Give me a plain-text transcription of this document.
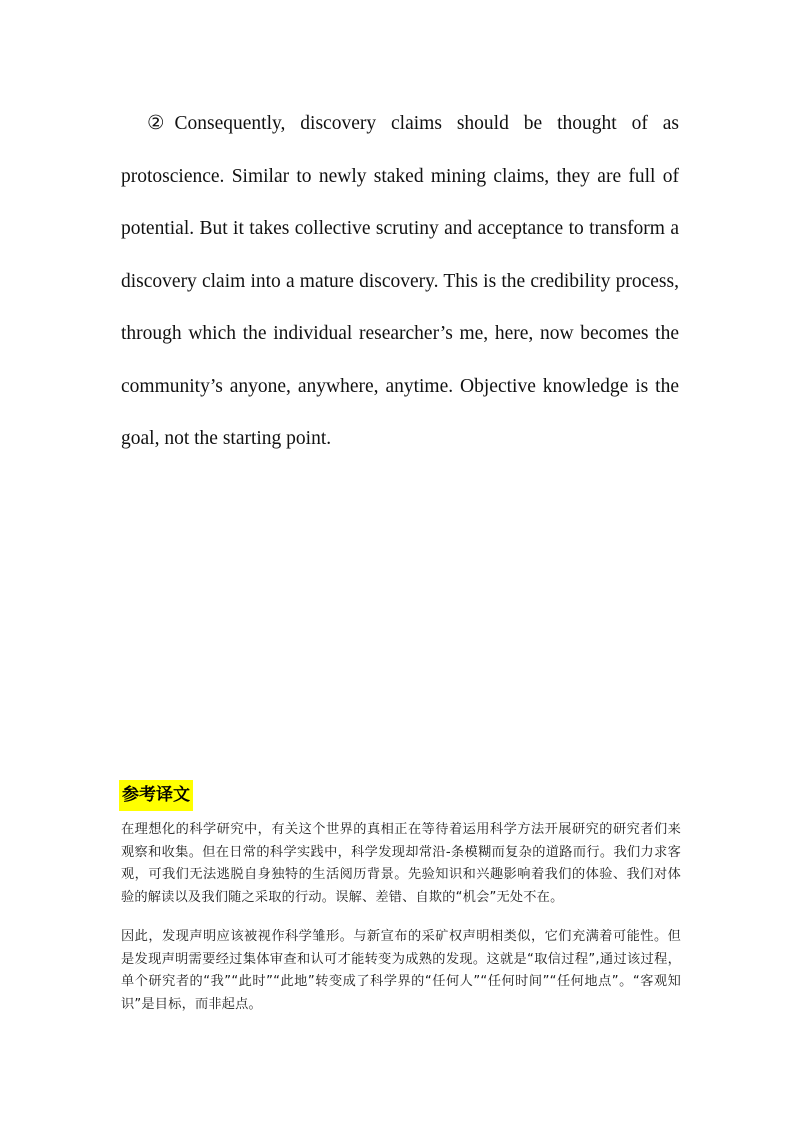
②Consequently, discovery claims should be thought of as protoscience. Similar to newly staked mining claims, they are full of potential. But it takes collective scrutiny and acceptance to transform a discovery claim into a mature discovery. This is the credibility process, through which the individual researcher’s me, here, now becomes the community’s anyone, anywhere, anytime. Objective knowledge is the goal, not the starting point.

参考译文

在理想化的科学研究中，有关这个世界的真相正在等待着运用科学方法开展研究的研究者们来观察和收集。但在日常的科学实践中，科学发现却常沿-条模糊而复杂的道路而行。我们力求客观，可我们无法逃脱自身独特的生活阅历背景。先验知识和兴趣影响着我们的体验、我们对体验的解读以及我们随之采取的行动。误解、差错、自欺的“机会”无处不在。

因此，发现声明应该被视作科学雏形。与新宣布的采矿权声明相类似，它们充满着可能性。但是发现声明需要经过集体审查和认可才能转变为成熟的发现。这就是“取信过程”,通过该过程，单个研究者的“我”“此时”“此地”转变成了科学界的“任何人”“任何时间”“任何地点”。“客观知识”是目标，而非起点。
